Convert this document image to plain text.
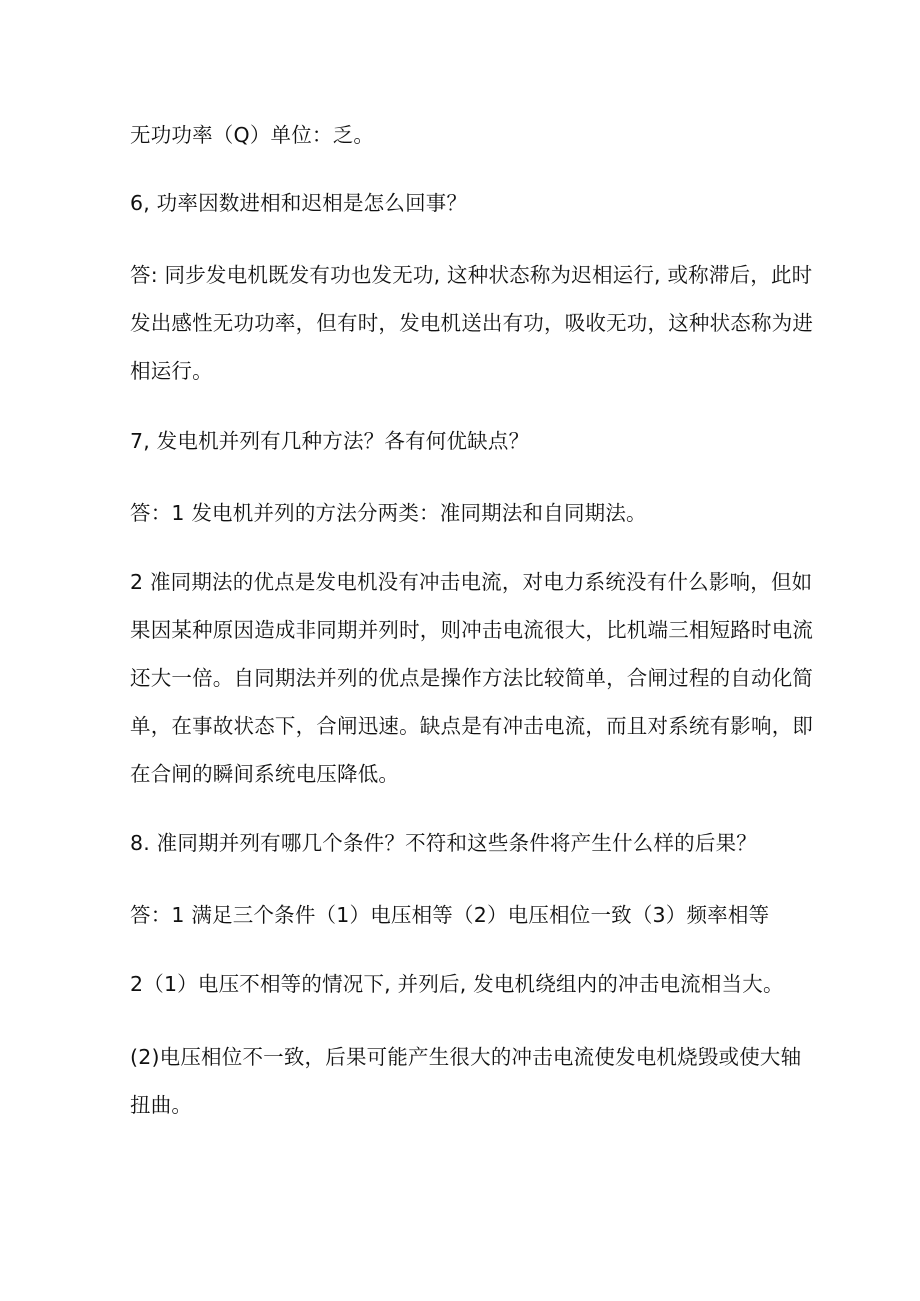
无功功率（Q）单位：乏。

6, 功率因数进相和迟相是怎么回事？

答: 同步发电机既发有功也发无功, 这种状态称为迟相运行, 或称滞后，此时
发出感性无功功率，但有时，发电机送出有功，吸收无功，这种状态称为进
相运行。

7, 发电机并列有几种方法？各有何优缺点？

答：1 发电机并列的方法分两类：准同期法和自同期法。

2 准同期法的优点是发电机没有冲击电流，对电力系统没有什么影响，但如
果因某种原因造成非同期并列时，则冲击电流很大，比机端三相短路时电流
还大一倍。自同期法并列的优点是操作方法比较简单，合闸过程的自动化简
单，在事故状态下，合闸迅速。缺点是有冲击电流，而且对系统有影响，即
在合闸的瞬间系统电压降低。

8. 准同期并列有哪几个条件？不符和这些条件将产生什么样的后果？

答：1 满足三个条件（1）电压相等（2）电压相位一致（3）频率相等

2（1）电压不相等的情况下, 并列后, 发电机绕组内的冲击电流相当大。

(2)电压相位不一致，后果可能产生很大的冲击电流使发电机烧毁或使大轴
扭曲。
